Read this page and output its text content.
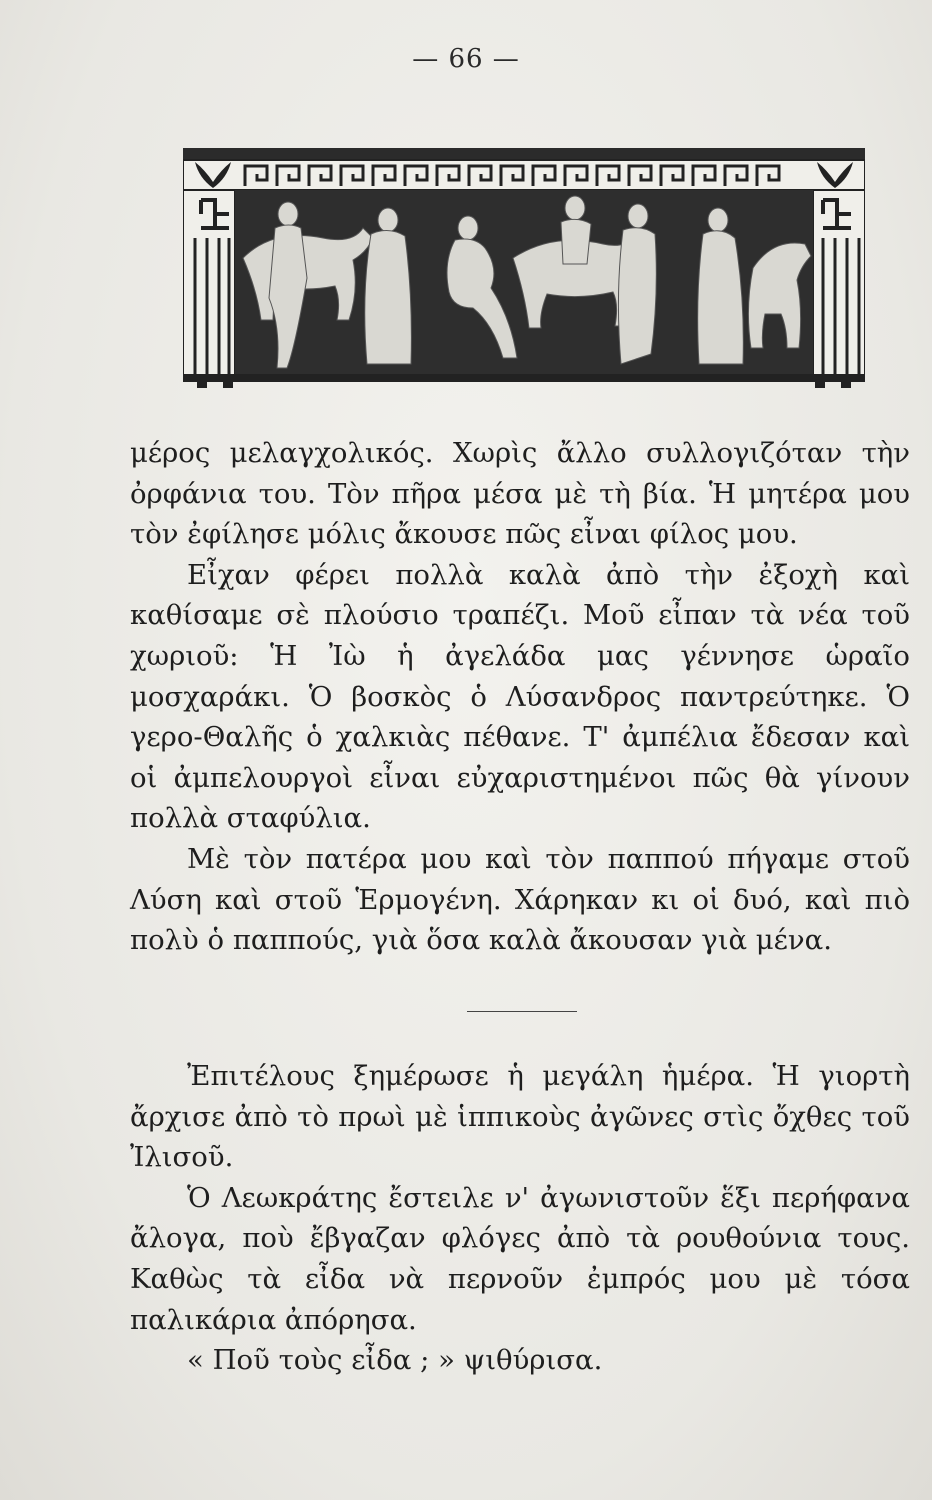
— 66 —

μέρος μελαγχολικός. Χωρὶς ἄλλο συλλογιζόταν τὴν ὀρφάνια του. Τὸν πῆρα μέσα μὲ τὴ βία. Ἡ μητέρα μου τὸν ἐφίλησε μόλις ἄκουσε πῶς εἶναι φίλος μου.

Εἶχαν φέρει πολλὰ καλὰ ἀπὸ τὴν ἐξοχὴ καὶ καθίσαμε σὲ πλούσιο τραπέζι. Μοῦ εἶπαν τὰ νέα τοῦ χωριοῦ: Ἡ Ἰὼ ἡ ἀγελάδα μας γέννησε ὡραῖο μοσχαράκι. Ὁ βοσκὸς ὁ Λύσανδρος παντρεύτηκε. Ὁ γερο-Θαλῆς ὁ χαλκιὰς πέθανε. Τ' ἀμπέλια ἔδεσαν καὶ οἱ ἀμπελουργοὶ εἶναι εὐχαριστημένοι πῶς θὰ γίνουν πολλὰ σταφύλια.

Μὲ τὸν πατέρα μου καὶ τὸν παππού πήγαμε στοῦ Λύση καὶ στοῦ Ἑρμογένη. Χάρηκαν κι οἱ δυό, καὶ πιὸ πολὺ ὁ παππούς, γιὰ ὅσα καλὰ ἄκουσαν γιὰ μένα.

Ἐπιτέλους ξημέρωσε ἡ μεγάλη ἡμέρα. Ἡ γιορτὴ ἄρχισε ἀπὸ τὸ πρωὶ μὲ ἱππικοὺς ἀγῶνες στὶς ὄχθες τοῦ Ἰλισοῦ.

Ὁ Λεωκράτης ἔστειλε ν' ἀγωνιστοῦν ἕξι περήφανα ἄλογα, ποὺ ἔβγαζαν φλόγες ἀπὸ τὰ ρουθούνια τους. Καθὼς τὰ εἶδα νὰ περνοῦν ἐμπρός μου μὲ τόσα παλικάρια ἀπόρησα.

« Ποῦ τοὺς εἶδα ; » ψιθύρισα.
